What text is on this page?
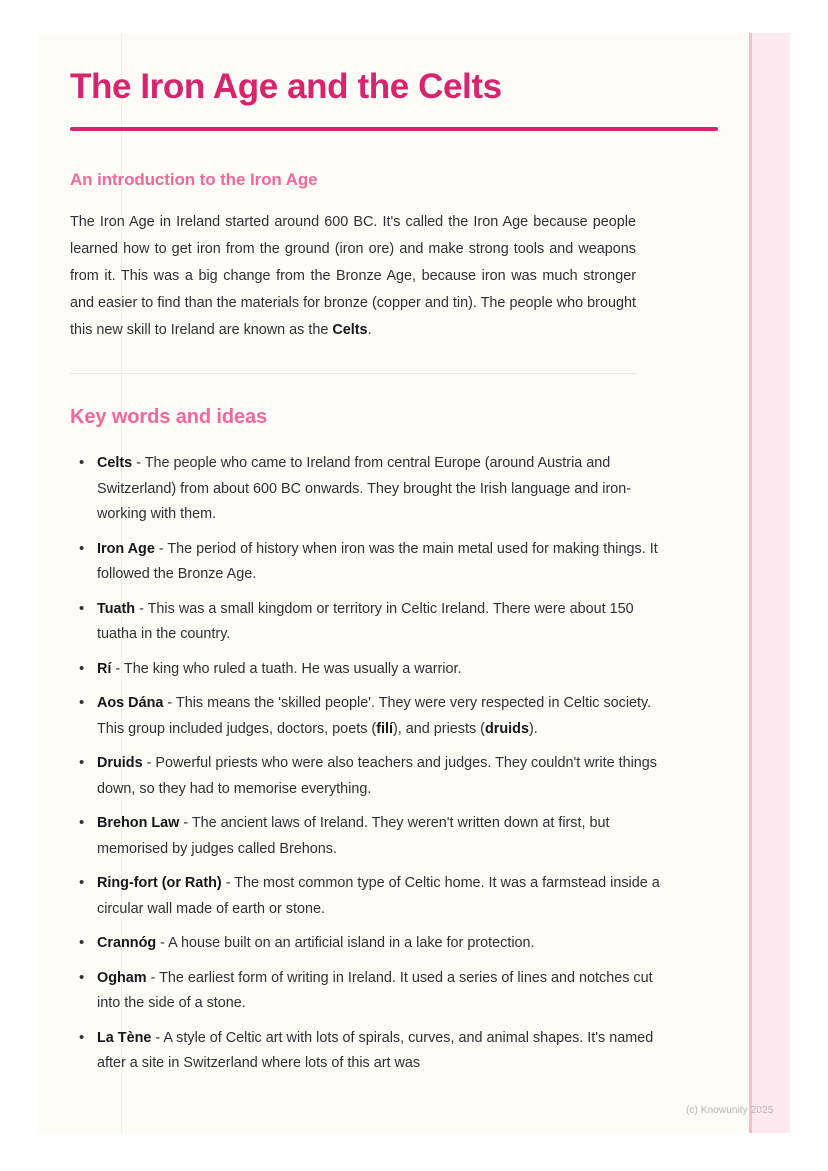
The Iron Age and the Celts
An introduction to the Iron Age

The Iron Age in Ireland started around 600 BC. It's called the Iron Age because people learned how to get iron from the ground (iron ore) and make strong tools and weapons from it. This was a big change from the Bronze Age, because iron was much stronger and easier to find than the materials for bronze (copper and tin). The people who brought this new skill to Ireland are known as the Celts.

Key words and ideas
• Celts - The people who came to Ireland from central Europe (around Austria and Switzerland) from about 600 BC onwards. They brought the Irish language and iron-working with them.
• Iron Age - The period of history when iron was the main metal used for making things. It followed the Bronze Age.
• Tuath - This was a small kingdom or territory in Celtic Ireland. There were about 150 tuatha in the country.
• Rí - The king who ruled a tuath. He was usually a warrior.
• Aos Dána - This means the 'skilled people'. They were very respected in Celtic society. This group included judges, doctors, poets (filí), and priests (druids).
• Druids - Powerful priests who were also teachers and judges. They couldn't write things down, so they had to memorise everything.
• Brehon Law - The ancient laws of Ireland. They weren't written down at first, but memorised by judges called Brehons.
• Ring-fort (or Rath) - The most common type of Celtic home. It was a farmstead inside a circular wall made of earth or stone.
• Crannóg - A house built on an artificial island in a lake for protection.
• Ogham - The earliest form of writing in Ireland. It used a series of lines and notches cut into the side of a stone.
• La Tène - A style of Celtic art with lots of spirals, curves, and animal shapes. It's named after a site in Switzerland where lots of this art was
(c) Knowunity 2025
